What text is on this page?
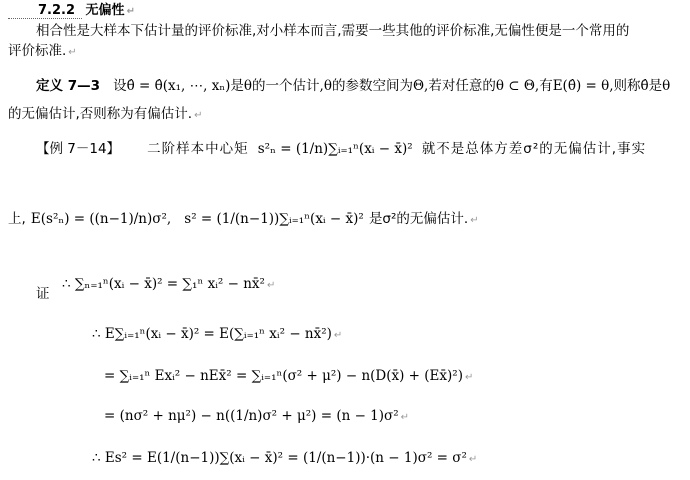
7.2.2 无偏性 ↵
相合性是大样本下估计量的评价标准,对小样本而言,需要一些其他的评价标准,无偏性便是一个常用的
评价标准. ↵
定义 7—3 设θ̂ = θ̂(x₁, ⋯, xₙ)是θ的一个估计,θ的参数空间为Θ,若对任意的θ ⊂ Θ,有E(θ̂) = θ,则称θ̂是θ
的无偏估计,否则称为有偏估计. ↵
【例 7－14】 二阶样本中心矩 s²ₙ = (1/n)∑ᵢ₌₁ⁿ(xᵢ − x̄)² 就不是总体方差σ²的无偏估计,事实
上, E(s²ₙ) = ((n−1)/n)σ², s² = (1/(n−1))∑ᵢ₌₁ⁿ(xᵢ − x̄)² 是σ²的无偏估计. ↵
证
∴ ∑ₙ₌₁ⁿ(xᵢ − x̄)² = ∑₁ⁿ xᵢ² − nx̄² ↵
∴ E∑ᵢ₌₁ⁿ(xᵢ − x̄)² = E(∑ᵢ₌₁ⁿ xᵢ² − nx̄²) ↵
= ∑ᵢ₌₁ⁿ Exᵢ² − nEx̄² = ∑ᵢ₌₁ⁿ(σ² + μ²) − n(D(x̄) + (Ex̄)²) ↵
= (nσ² + nμ²) − n((1/n)σ² + μ²) = (n − 1)σ² ↵
∴ Es² = E(1/(n−1))∑(xᵢ − x̄)² = (1/(n−1))·(n − 1)σ² = σ² ↵
